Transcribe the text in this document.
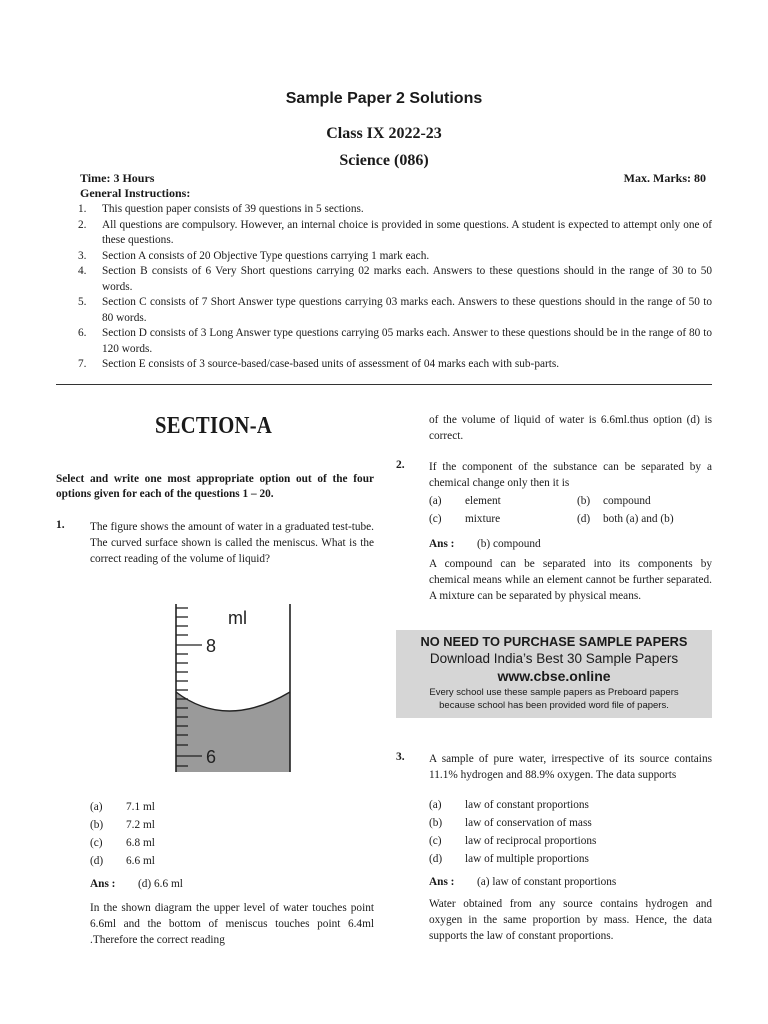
Sample Paper 2 Solutions
Class IX 2022-23
Science (086)
Time: 3 Hours	Max. Marks: 80
General Instructions:
1.	This question paper consists of 39 questions in 5 sections.
2.	All questions are compulsory. However, an internal choice is provided in some questions. A student is expected to attempt only one of these questions.
3.	Section A consists of 20 Objective Type questions carrying 1 mark each.
4.	Section B consists of 6 Very Short questions carrying 02 marks each. Answers to these questions should in the range of 30 to 50 words.
5.	Section C consists of 7 Short Answer type questions carrying 03 marks each. Answers to these questions should in the range of 50 to 80 words.
6.	Section D consists of 3 Long Answer type questions carrying 05 marks each. Answer to these questions should be in the range of 80 to 120 words.
7.	Section E consists of 3 source-based/case-based units of assessment of 04 marks each with sub-parts.
SECTION-A
Select and write one most appropriate option out of the four options given for each of the questions 1 – 20.
1. The figure shows the amount of water in a graduated test-tube. The curved surface shown is called the meniscus. What is the correct reading of the volume of liquid?
ml
8
6
(a)	7.1 ml
(b)	7.2 ml
(c)	6.8 ml
(d)	6.6 ml
Ans :	(d) 6.6 ml
In the shown diagram the upper level of water touches point 6.6ml and the bottom of meniscus touches point 6.4ml .Therefore the correct reading
of the volume of liquid of water is 6.6ml.thus option (d) is correct.
2. If the component of the substance can be separated by a chemical change only then it is
(a)	element	(b)	compound
(c)	mixture	(d)	both (a) and (b)
Ans :	(b) compound
A compound can be separated into its components by chemical means while an element cannot be further separated. A mixture can be separated by physical means.
NO NEED TO PURCHASE SAMPLE PAPERS
Download India’s Best 30 Sample Papers
www.cbse.online
Every school use these sample papers as Preboard papers
because school has been provided word file of papers.
3. A sample of pure water, irrespective of its source contains 11.1% hydrogen and 88.9% oxygen. The data supports
(a)	law of constant proportions
(b)	law of conservation of mass
(c)	law of reciprocal proportions
(d)	law of multiple proportions
Ans :	(a) law of constant proportions
Water obtained from any source contains hydrogen and oxygen in the same proportion by mass. Hence, the data supports the law of constant proportions.
